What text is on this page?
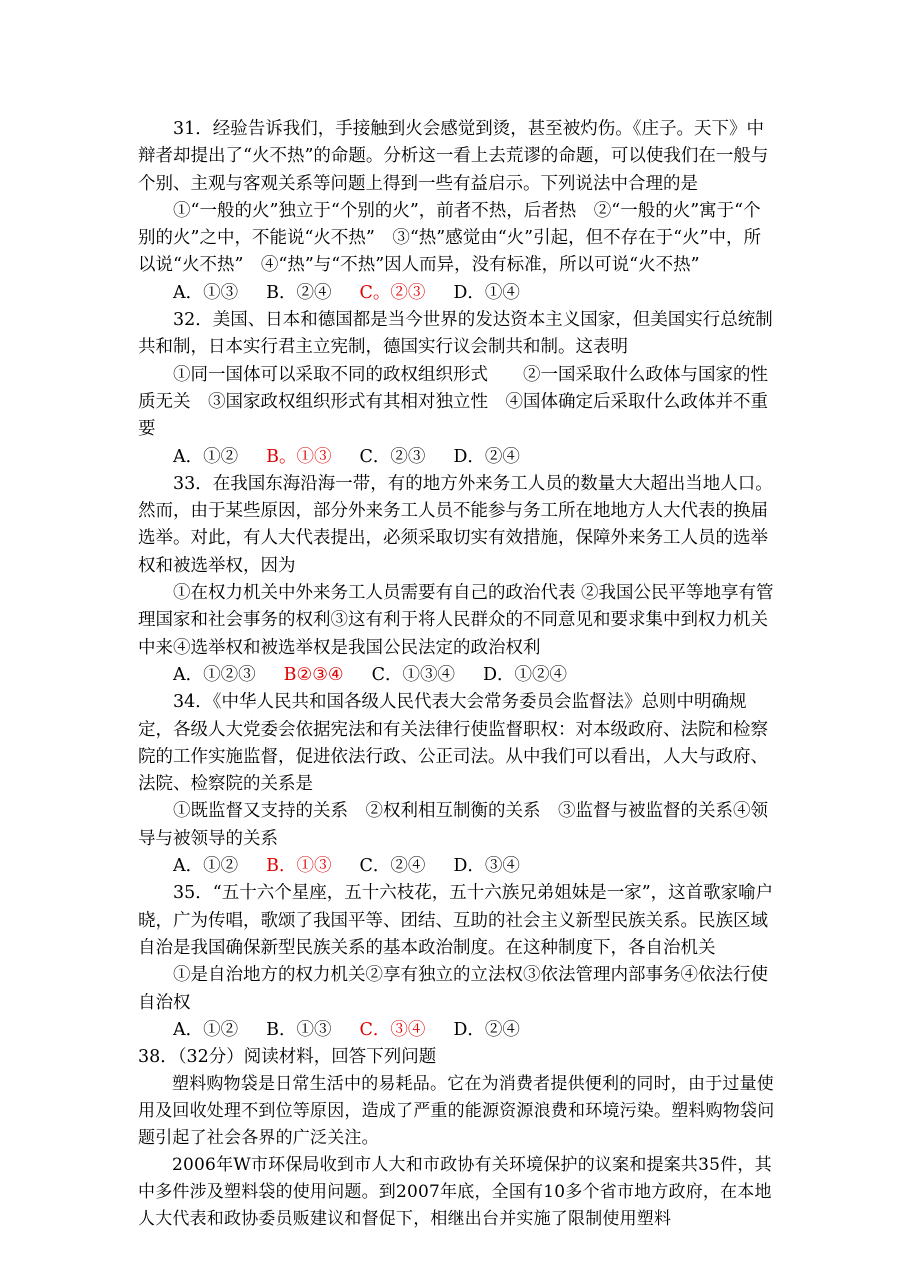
31．经验告诉我们，手接触到火会感觉到烫，甚至被灼伤。《庄子。天下》中辩者却提出了“火不热”的命题。分析这一看上去荒谬的命题，可以使我们在一般与个别、主观与客观关系等问题上得到一些有益启示。下列说法中合理的是

①“一般的火”独立于“个别的火”，前者不热，后者热　②“一般的火”寓于“个别的火”之中，不能说“火不热”　③“热”感觉由“火”引起，但不存在于“火”中，所以说“火不热”　④“热”与“不热”因人而异，没有标准，所以可说“火不热”

A．①③ B．②④ C。②③ D．①④

32．美国、日本和德国都是当今世界的发达资本主义国家，但美国实行总统制共和制，日本实行君主立宪制，德国实行议会制共和制。这表明

①同一国体可以采取不同的政权组织形式　　②一国采取什么政体与国家的性质无关　③国家政权组织形式有其相对独立性　④国体确定后采取什么政体并不重要

A．①② B。①③ C．②③ D．②④

33．在我国东海沿海一带，有的地方外来务工人员的数量大大超出当地人口。然而，由于某些原因，部分外来务工人员不能参与务工所在地地方人大代表的换届选举。对此，有人大代表提出，必须采取切实有效措施，保障外来务工人员的选举权和被选举权，因为

①在权力机关中外来务工人员需要有自己的政治代表 ②我国公民平等地享有管理国家和社会事务的权利③这有利于将人民群众的不同意见和要求集中到权力机关中来④选举权和被选举权是我国公民法定的政治权利

A．①②③ B②③④ C．①③④ D．①②④

34．《中华人民共和国各级人民代表大会常务委员会监督法》总则中明确规定，各级人大党委会依据宪法和有关法律行使监督职权：对本级政府、法院和检察院的工作实施监督，促进依法行政、公正司法。从中我们可以看出，人大与政府、法院、检察院的关系是

①既监督又支持的关系　②权利相互制衡的关系　③监督与被监督的关系④领导与被领导的关系

A．①② B．①③ C．②④ D．③④

35．“五十六个星座，五十六枝花，五十六族兄弟姐妹是一家”，这首歌家喻户晓，广为传唱，歌颂了我国平等、团结、互助的社会主义新型民族关系。民族区域自治是我国确保新型民族关系的基本政治制度。在这种制度下，各自治机关

①是自治地方的权力机关②享有独立的立法权③依法管理内部事务④依法行使自治权

A．①② B．①③ C．③④ D．②④

38．（32分）阅读材料，回答下列问题

塑料购物袋是日常生活中的易耗品。它在为消费者提供便利的同时，由于过量使用及回收处理不到位等原因，造成了严重的能源资源浪费和环境污染。塑料购物袋问题引起了社会各界的广泛关注。

2006年W市环保局收到市人大和市政协有关环境保护的议案和提案共35件，其中多件涉及塑料袋的使用问题。到2007年底，全国有10多个省市地方政府，在本地人大代表和政协委员贩建议和督促下，相继出台并实施了限制使用塑料
